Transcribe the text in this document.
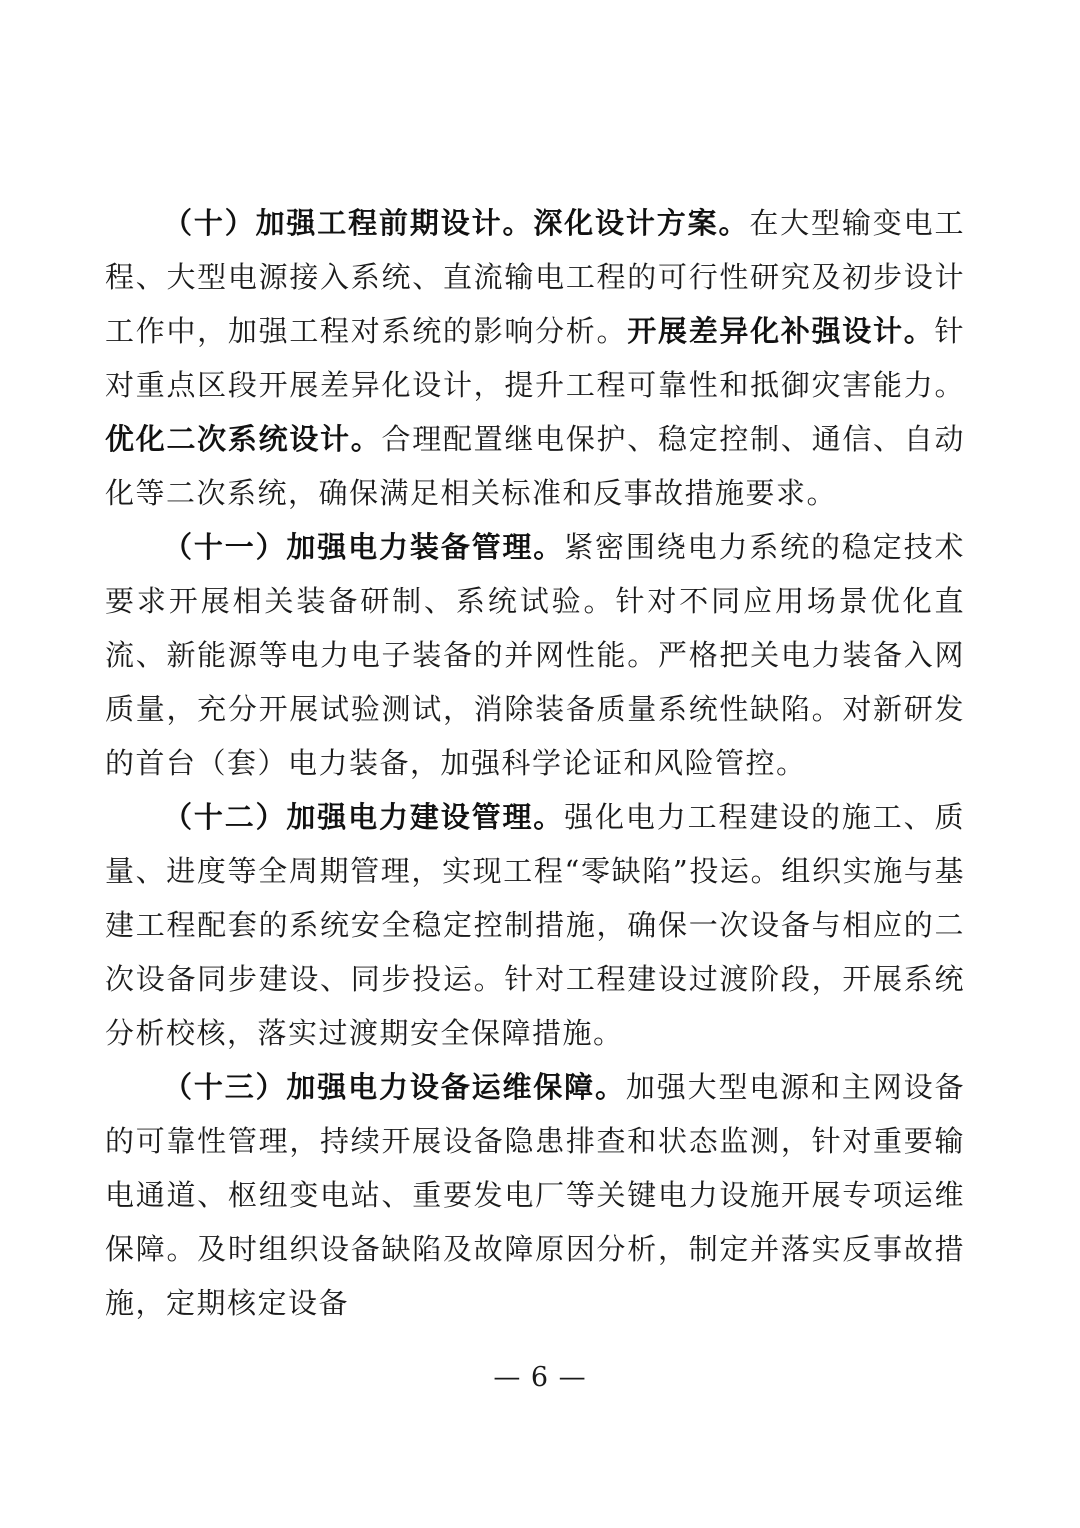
（十）加强工程前期设计。深化设计方案。在大型输变电工程、大型电源接入系统、直流输电工程的可行性研究及初步设计工作中，加强工程对系统的影响分析。开展差异化补强设计。针对重点区段开展差异化设计，提升工程可靠性和抵御灾害能力。优化二次系统设计。合理配置继电保护、稳定控制、通信、自动化等二次系统，确保满足相关标准和反事故措施要求。

（十一）加强电力装备管理。紧密围绕电力系统的稳定技术要求开展相关装备研制、系统试验。针对不同应用场景优化直流、新能源等电力电子装备的并网性能。严格把关电力装备入网质量，充分开展试验测试，消除装备质量系统性缺陷。对新研发的首台（套）电力装备，加强科学论证和风险管控。

（十二）加强电力建设管理。强化电力工程建设的施工、质量、进度等全周期管理，实现工程“零缺陷”投运。组织实施与基建工程配套的系统安全稳定控制措施，确保一次设备与相应的二次设备同步建设、同步投运。针对工程建设过渡阶段，开展系统分析校核，落实过渡期安全保障措施。

（十三）加强电力设备运维保障。加强大型电源和主网设备的可靠性管理，持续开展设备隐患排查和状态监测，针对重要输电通道、枢纽变电站、重要发电厂等关键电力设施开展专项运维保障。及时组织设备缺陷及故障原因分析，制定并落实反事故措施，定期核定设备

— 6 —
